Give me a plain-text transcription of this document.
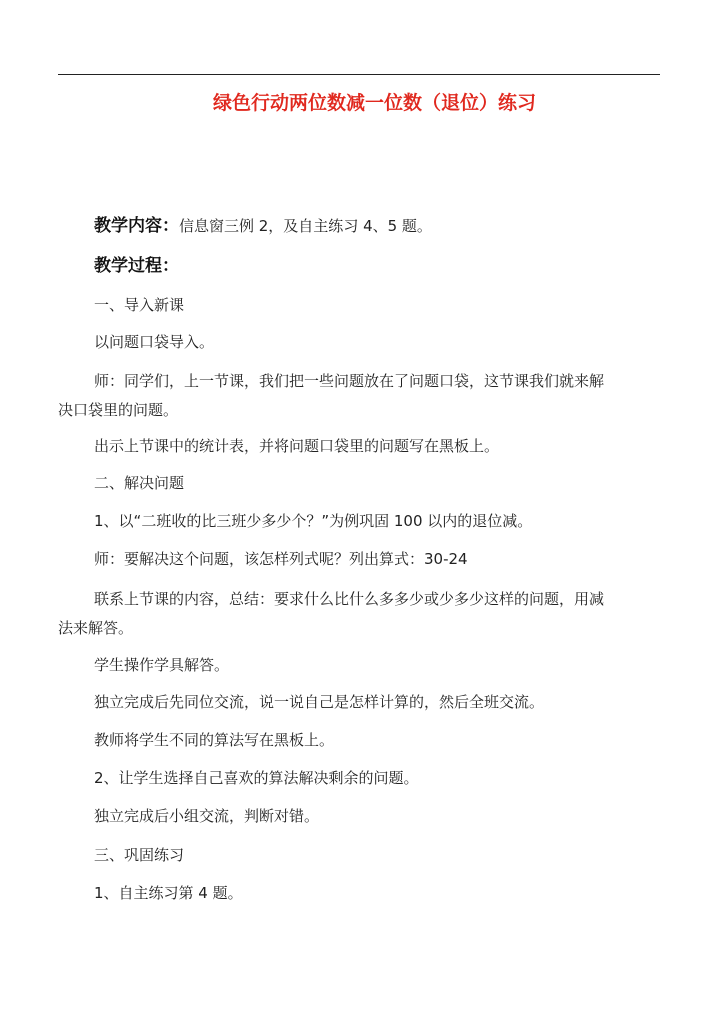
绿色行动两位数减一位数（退位）练习
教学内容：信息窗三例 2，及自主练习 4、5 题。
教学过程：
一、导入新课
以问题口袋导入。
师：同学们，上一节课，我们把一些问题放在了问题口袋，这节课我们就来解
决口袋里的问题。
出示上节课中的统计表，并将问题口袋里的问题写在黑板上。
二、解决问题
1、以“二班收的比三班少多少个？”为例巩固 100 以内的退位减。
师：要解决这个问题，该怎样列式呢？列出算式：30-24
联系上节课的内容，总结：要求什么比什么多多少或少多少这样的问题，用减
法来解答。
学生操作学具解答。
独立完成后先同位交流，说一说自己是怎样计算的，然后全班交流。
教师将学生不同的算法写在黑板上。
2、让学生选择自己喜欢的算法解决剩余的问题。
独立完成后小组交流，判断对错。
三、巩固练习
1、自主练习第 4 题。
